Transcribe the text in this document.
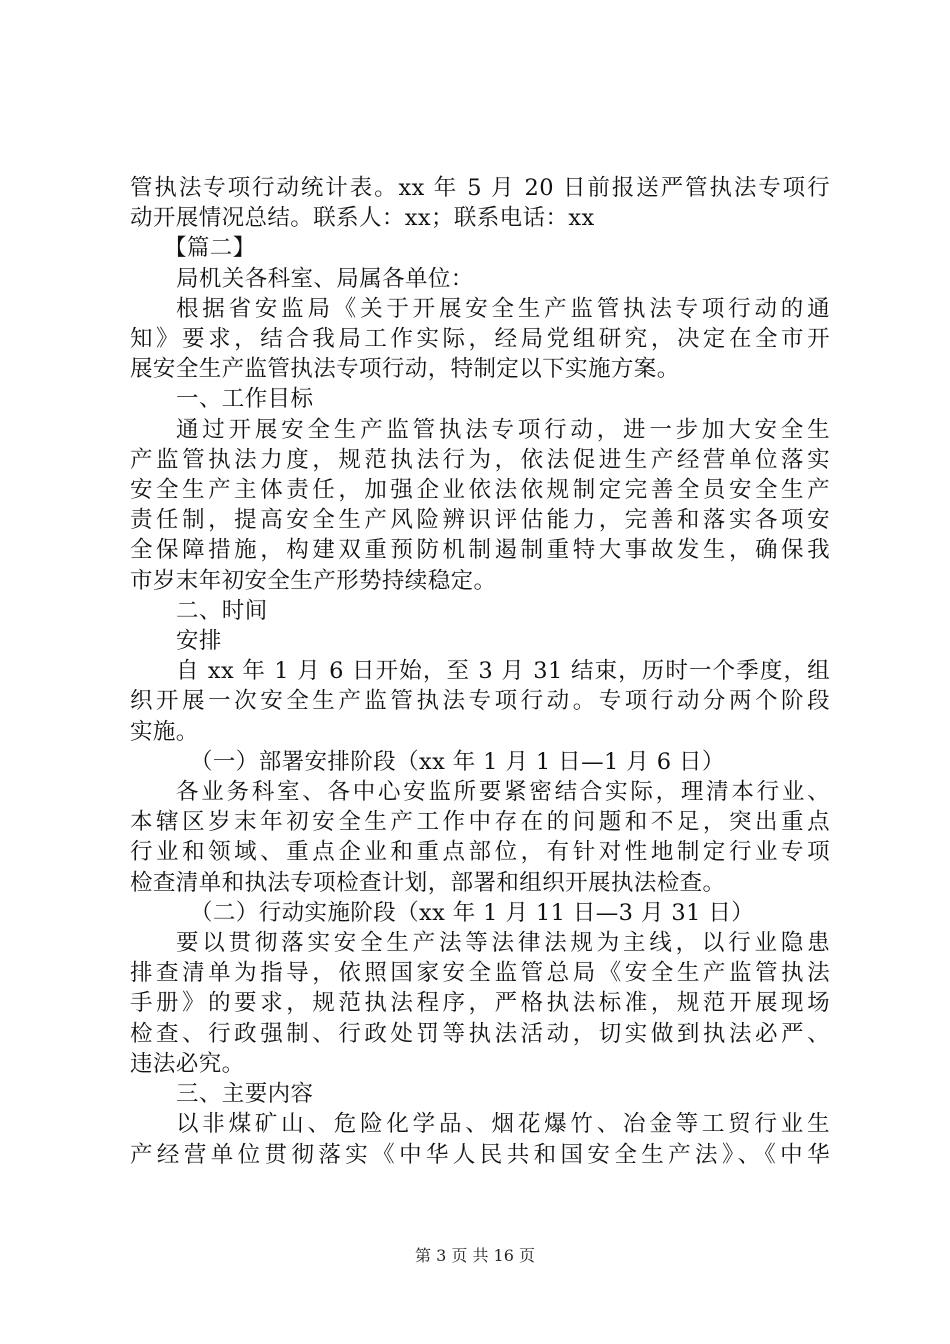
管执法专项行动统计表。xx 年 5 月 20 日前报送严管执法专项行
动开展情况总结。联系人：xx；联系电话：xx
【篇二】
局机关各科室、局属各单位：
根据省安监局《关于开展安全生产监管执法专项行动的通
知》要求，结合我局工作实际，经局党组研究，决定在全市开
展安全生产监管执法专项行动，特制定以下实施方案。
一、工作目标
通过开展安全生产监管执法专项行动，进一步加大安全生
产监管执法力度，规范执法行为，依法促进生产经营单位落实
安全生产主体责任，加强企业依法依规制定完善全员安全生产
责任制，提高安全生产风险辨识评估能力，完善和落实各项安
全保障措施，构建双重预防机制遏制重特大事故发生，确保我
市岁末年初安全生产形势持续稳定。
二、时间
安排
自 xx 年 1 月 6 日开始，至 3 月 31 结束，历时一个季度，组
织开展一次安全生产监管执法专项行动。专项行动分两个阶段
实施。
（一）部署安排阶段（xx 年 1 月 1 日—1 月 6 日）
各业务科室、各中心安监所要紧密结合实际，理清本行业、
本辖区岁末年初安全生产工作中存在的问题和不足，突出重点
行业和领域、重点企业和重点部位，有针对性地制定行业专项
检查清单和执法专项检查计划，部署和组织开展执法检查。
（二）行动实施阶段（xx 年 1 月 11 日—3 月 31 日）
要以贯彻落实安全生产法等法律法规为主线，以行业隐患
排查清单为指导，依照国家安全监管总局《安全生产监管执法
手册》的要求，规范执法程序，严格执法标准，规范开展现场
检查、行政强制、行政处罚等执法活动，切实做到执法必严、
违法必究。
三、主要内容
以非煤矿山、危险化学品、烟花爆竹、冶金等工贸行业生
产经营单位贯彻落实《中华人民共和国安全生产法》、《中华
第 3 页 共 16 页
